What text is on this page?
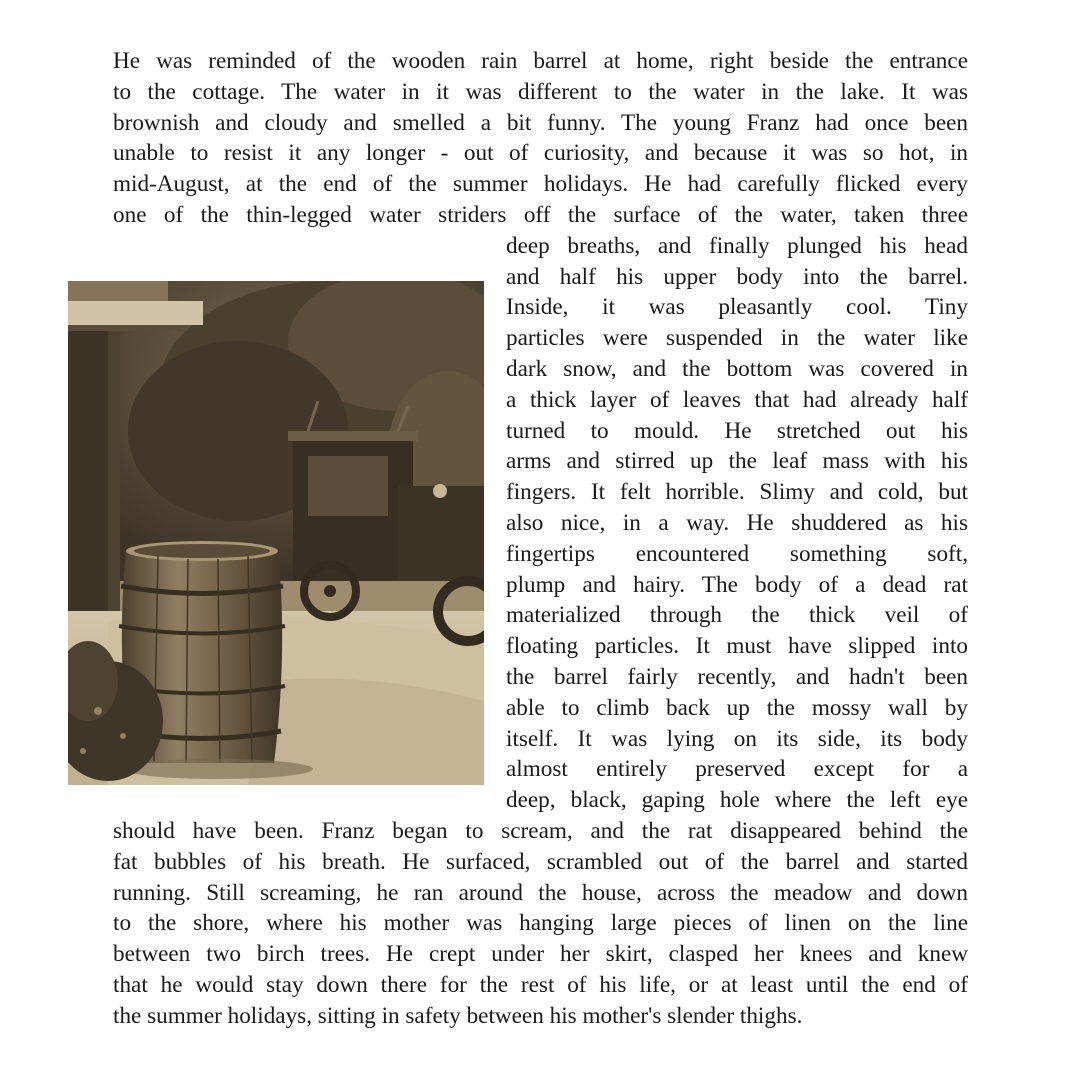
He was reminded of the wooden rain barrel at home, right beside the entrance
to the cottage. The water in it was different to the water in the lake. It was
brownish and cloudy and smelled a bit funny. The young Franz had once been
unable to resist it any longer - out of curiosity, and because it was so hot, in
mid-August, at the end of the summer holidays. He had carefully flicked every
one of the thin-legged water striders off the surface of the water, taken three
deep breaths, and finally plunged his head
and half his upper body into the barrel.
Inside, it was pleasantly cool. Tiny
particles were suspended in the water like
dark snow, and the bottom was covered in
a thick layer of leaves that had already half
turned to mould. He stretched out his
arms and stirred up the leaf mass with his
fingers. It felt horrible. Slimy and cold, but
also nice, in a way. He shuddered as his
fingertips encountered something soft,
plump and hairy. The body of a dead rat
materialized through the thick veil of
floating particles. It must have slipped into
the barrel fairly recently, and hadn't been
able to climb back up the mossy wall by
itself. It was lying on its side, its body
almost entirely preserved except for a
deep, black, gaping hole where the left eye
should have been. Franz began to scream, and the rat disappeared behind the
fat bubbles of his breath. He surfaced, scrambled out of the barrel and started
running. Still screaming, he ran around the house, across the meadow and down
to the shore, where his mother was hanging large pieces of linen on the line
between two birch trees. He crept under her skirt, clasped her knees and knew
that he would stay down there for the rest of his life, or at least until the end of
the summer holidays, sitting in safety between his mother's slender thighs.
